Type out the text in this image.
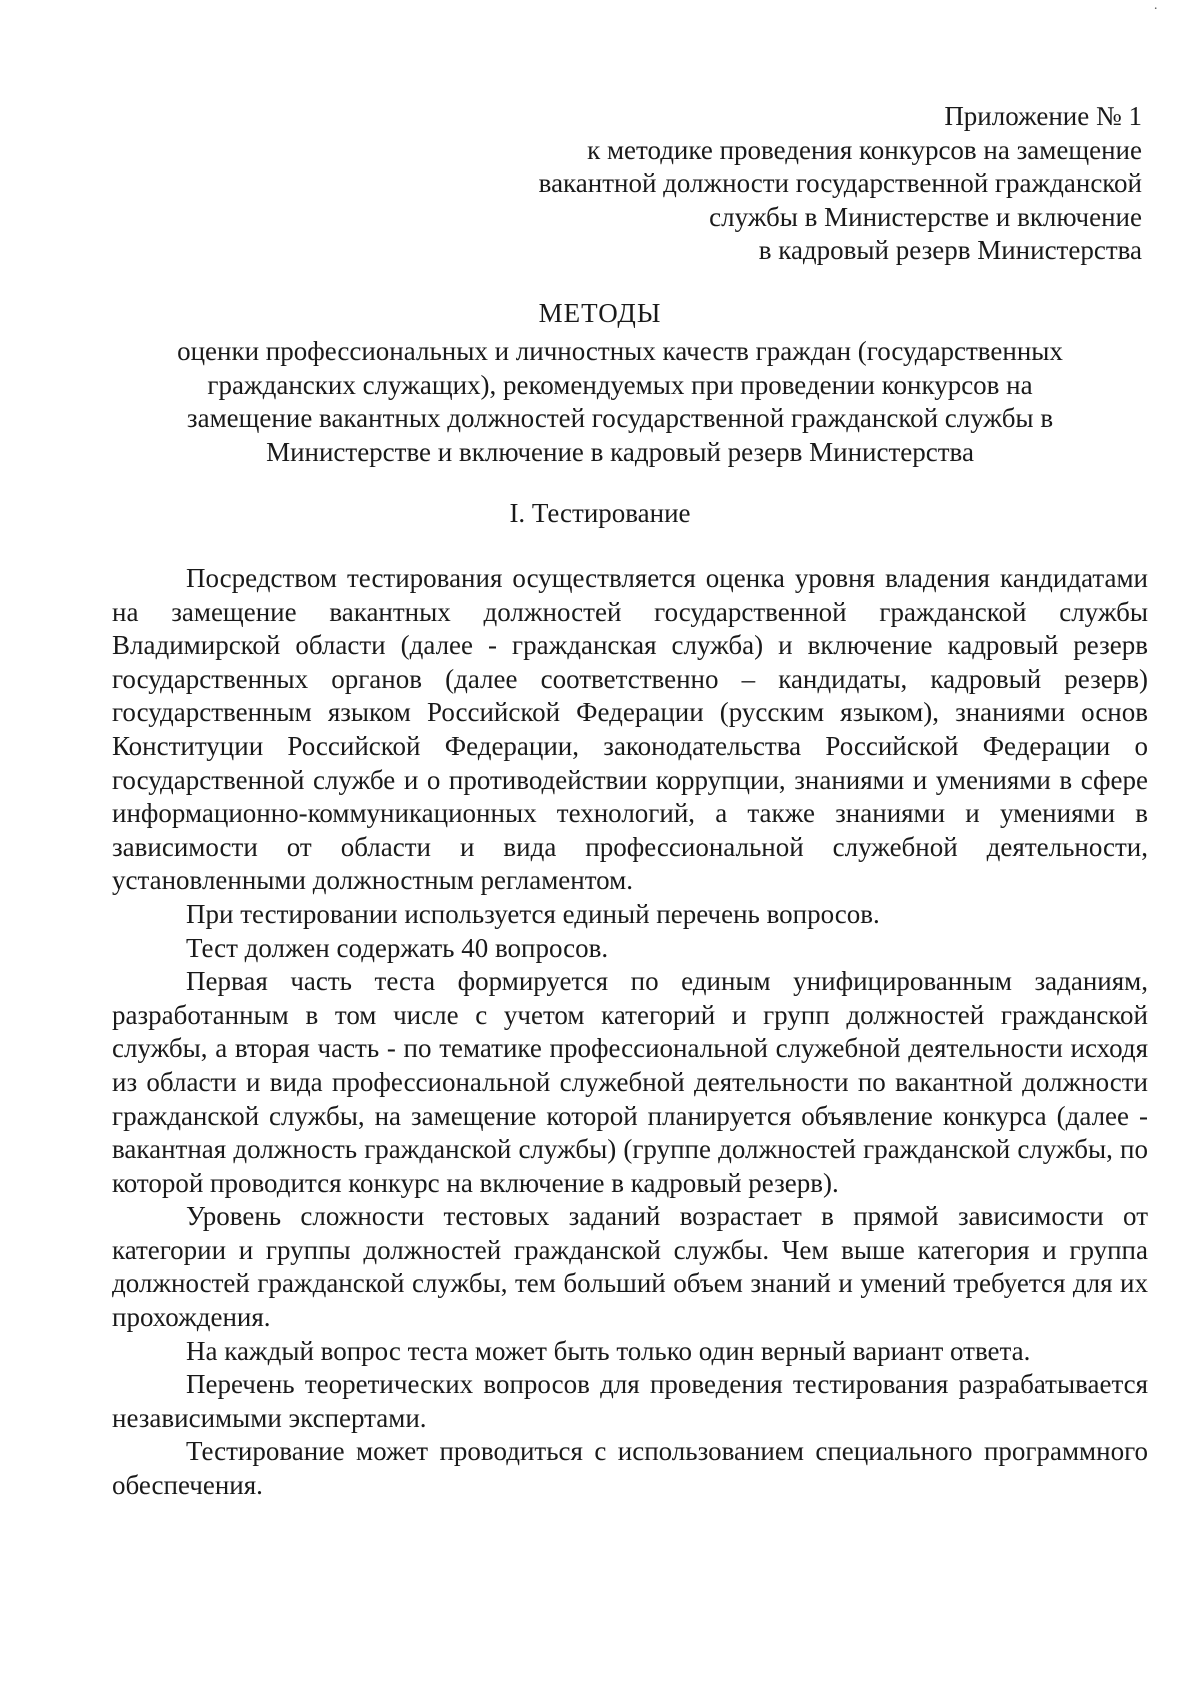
·
Приложение № 1
к методике проведения конкурсов на замещение
вакантной должности государственной гражданской
службы в Министерстве и включение
в кадровый резерв Министерства
МЕТОДЫ
оценки профессиональных и личностных качеств граждан (государственных
гражданских служащих), рекомендуемых при проведении конкурсов на
замещение вакантных должностей государственной гражданской службы в
Министерстве и включение в кадровый резерв Министерства
I. Тестирование

Посредством тестирования осуществляется оценка уровня владения кандидатами на замещение вакантных должностей государственной гражданской службы Владимирской области (далее - гражданская служба) и включение кадровый резерв государственных органов (далее соответственно – кандидаты, кадровый резерв) государственным языком Российской Федерации (русским языком), знаниями основ Конституции Российской Федерации, законодательства Российской Федерации о государственной службе и о противодействии коррупции, знаниями и умениями в сфере информационно-коммуникационных технологий, а также знаниями и умениями в зависимости от области и вида профессиональной служебной деятельности, установленными должностным регламентом.

При тестировании используется единый перечень вопросов.

Тест должен содержать 40 вопросов.

Первая часть теста формируется по единым унифицированным заданиям, разработанным в том числе с учетом категорий и групп должностей гражданской службы, а вторая часть - по тематике профессиональной служебной деятельности исходя из области и вида профессиональной служебной деятельности по вакантной должности гражданской службы, на замещение которой планируется объявление конкурса (далее - вакантная должность гражданской службы) (группе должностей гражданской службы, по которой проводится конкурс на включение в кадровый резерв).

Уровень сложности тестовых заданий возрастает в прямой зависимости от категории и группы должностей гражданской службы. Чем выше категория и группа должностей гражданской службы, тем больший объем знаний и умений требуется для их прохождения.

На каждый вопрос теста может быть только один верный вариант ответа.

Перечень теоретических вопросов для проведения тестирования разрабатывается независимыми экспертами.

Тестирование может проводиться с использованием специального программного обеспечения.
